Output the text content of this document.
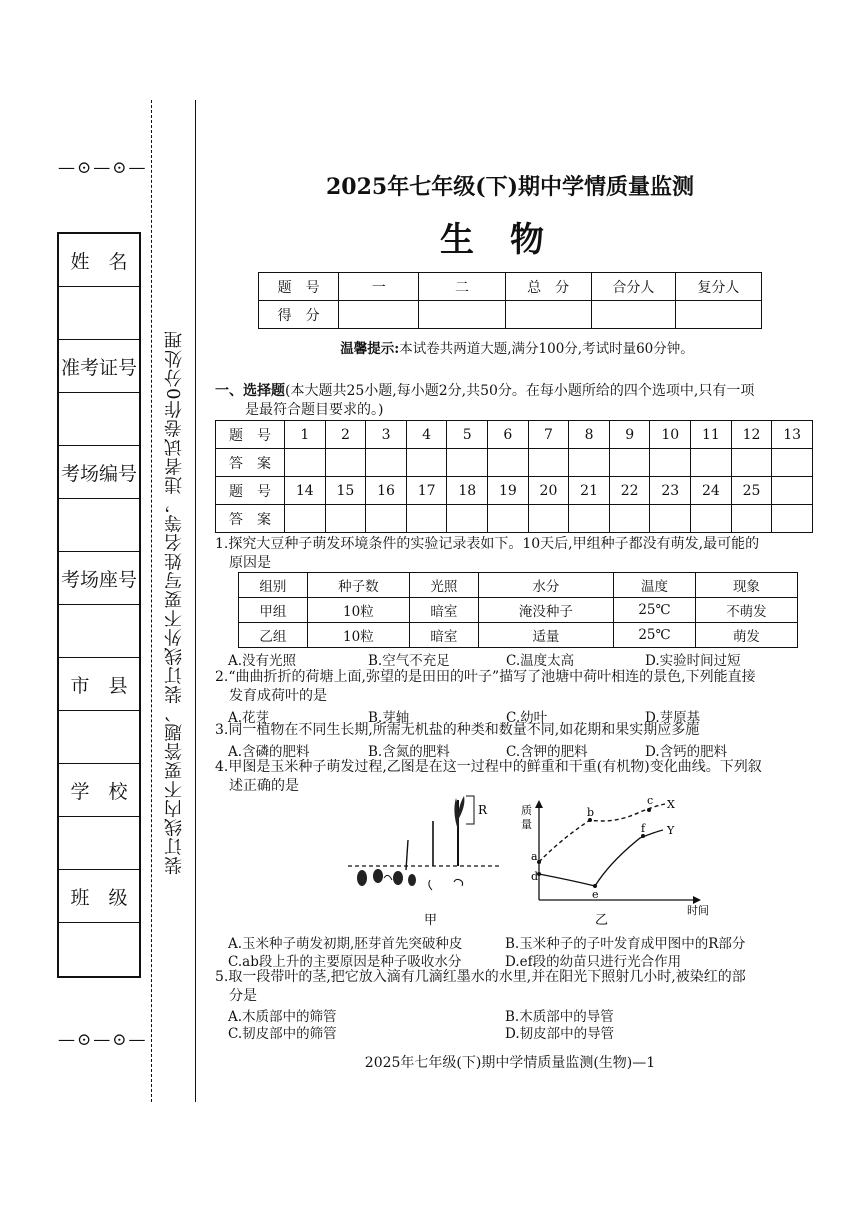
—⊙—⊙—
姓　名
准考证号
考场编号
考场座号
市　县
学　校
班　级
—⊙—⊙—
装订线内不要答题、装订线外不要写姓名等，违者试卷作0分处理
2025年七年级(下)期中学情质量监测
生物
题　号	一	二	总　分	合分人	复分人
得　分					
温馨提示:本试卷共两道大题,满分100分,考试时量60分钟。
一、选择题(本大题共25小题,每小题2分,共50分。在每小题所给的四个选项中,只有一项
是最符合题目要求的。)
题　号	1	2	3	4	5	6	7	8	9	10	11	12	13
答　案													
题　号	14	15	16	17	18	19	20	21	22	23	24	25	
答　案													
1.探究大豆种子萌发环境条件的实验记录表如下。10天后,甲组种子都没有萌发,最可能的
原因是
组别	种子数	光照	水分	温度	现象
甲组	10粒	暗室	淹没种子	25℃	不萌发
乙组	10粒	暗室	适量	25℃	萌发
A.没有光照	B.空气不充足	C.温度太高	D.实验时间过短
2.“曲曲折折的荷塘上面,弥望的是田田的叶子”描写了池塘中荷叶相连的景色,下列能直接
发育成荷叶的是
A.花芽	B.芽轴	C.幼叶	D.芽原基
3.同一植物在不同生长期,所需无机盐的种类和数量不同,如花期和果实期应多施
A.含磷的肥料	B.含氮的肥料	C.含钾的肥料	D.含钙的肥料
4.甲图是玉米种子萌发过程,乙图是在这一过程中的鲜重和干重(有机物)变化曲线。下列叙
述正确的是
R
甲
质
量
时间
a
b
c
d
e
f
X
Y
乙
A.玉米种子萌发初期,胚芽首先突破种皮	B.玉米种子的子叶发育成甲图中的R部分
C.ab段上升的主要原因是种子吸收水分	D.ef段的幼苗只进行光合作用
5.取一段带叶的茎,把它放入滴有几滴红墨水的水里,并在阳光下照射几小时,被染红的部
分是
A.木质部中的筛管	B.木质部中的导管
C.韧皮部中的筛管	D.韧皮部中的导管
2025年七年级(下)期中学情质量监测(生物)—1
